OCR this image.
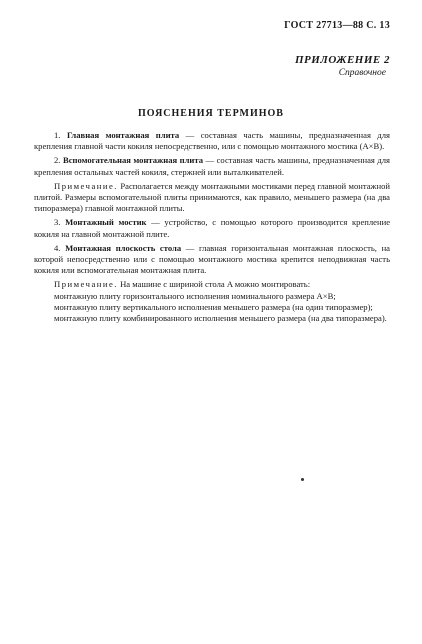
ГОСТ 27713—88 С. 13
ПРИЛОЖЕНИЕ 2
Справочное
ПОЯСНЕНИЯ ТЕРМИНОВ

1. Главная монтажная плита — составная часть машины, предназначенная для крепления главной части кокиля непосредственно, или с помощью монтажного мостика (A×B).

2. Вспомогательная монтажная плита — составная часть машины, предназначенная для крепления остальных частей кокиля, стержней или выталкивателей.

Примечание. Располагается между монтажными мостиками перед главной монтажной плитой. Размеры вспомогательной плиты принимаются, как правило, меньшего размера (на два типоразмера) главной монтажной плиты.

3. Монтажный мостик — устройство, с помощью которого производится крепление кокиля на главной монтажной плите.

4. Монтажная плоскость стола — главная горизонтальная монтажная плоскость, на которой непосредственно или с помощью монтажного мостика крепится неподвижная часть кокиля или вспомогательная монтажная плита.

Примечание. На машине с шириной стола A можно монтировать:

монтажную плиту горизонтального исполнения номинального размера A×B;

монтажную плиту вертикального исполнения меньшего размера (на один типоразмер);

монтажную плиту комбинированного исполнения меньшего размера (на два типоразмера).
